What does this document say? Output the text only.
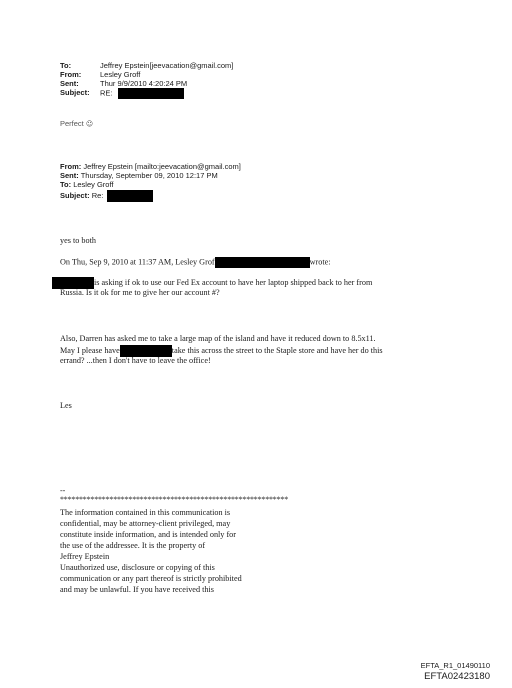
To:	Jeffrey Epstein[jeevacation@gmail.com]
From:	Lesley Groff
Sent:	Thur 9/9/2010 4:20:24 PM
Subject: RE:
Perfect ☺
From: Jeffrey Epstein [mailto:jeevacation@gmail.com]
Sent: Thursday, September 09, 2010 12:17 PM
To: Lesley Groff
Subject: Re:
yes to both
On Thu, Sep 9, 2010 at 11:37 AM, Lesley Grof	wrote:
is asking if ok to use our Fed Ex account to have her laptop shipped back to her from
Russia. Is it ok for me to give her our account #?
Also, Darren has asked me to take a large map of the island and have it reduced down to 8.5x11.
May I please have	take this across the street to the Staple store and have her do this
errand? ...then I don't have to leave the office!
Les
--
************************************************************
The information contained in this communication is
confidential, may be attorney-client privileged, may
constitute inside information, and is intended only for
the use of the addressee. It is the property of
Jeffrey Epstein
Unauthorized use, disclosure or copying of this
communication or any part thereof is strictly prohibited
and may be unlawful. If you have received this
EFTA_R1_01490110
EFTA02423180
